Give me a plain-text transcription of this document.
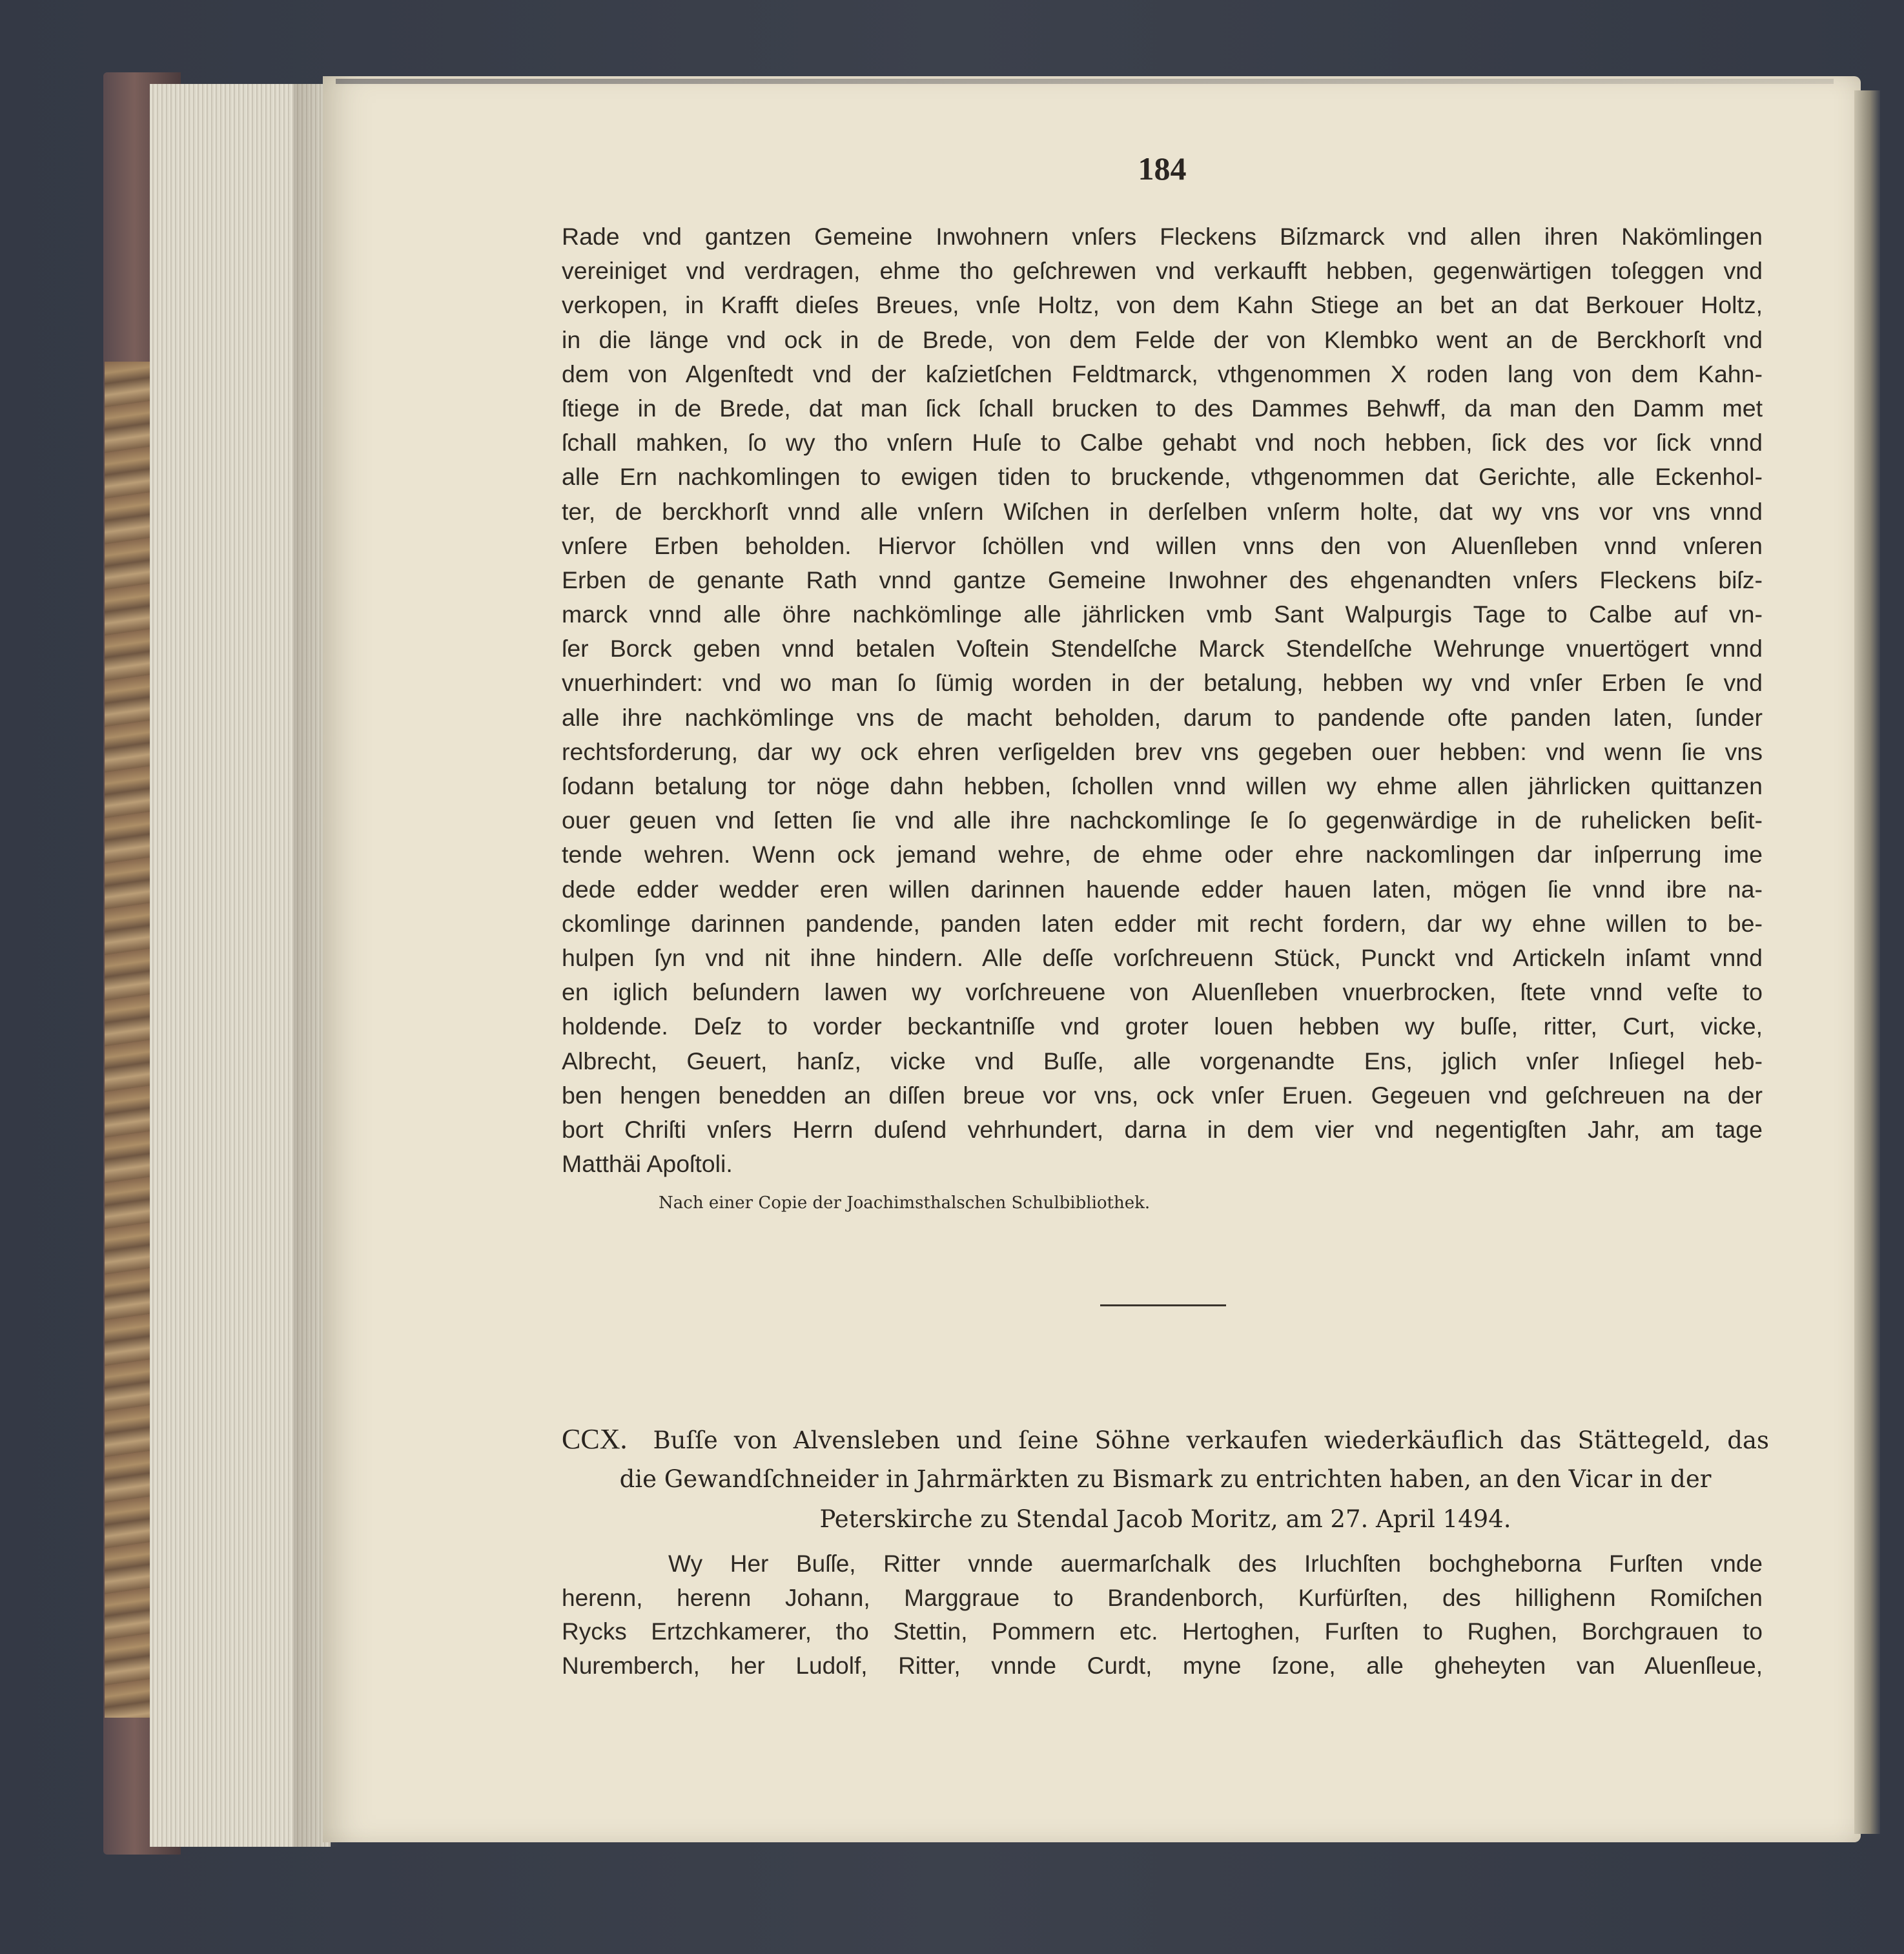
184
Rade vnd gantzen Gemeine Inwohnern vnſers Fleckens Biſzmarck vnd allen ihren Nakömlingen
vereiniget vnd verdragen, ehme tho geſchrewen vnd verkaufft hebben, gegenwärtigen toſeggen vnd
verkopen, in Krafft dieſes Breues, vnſe Holtz, von dem Kahn Stiege an bet an dat Berkouer Holtz,
in die länge vnd ock in de Brede, von dem Felde der von Klembko went an de Berckhorſt vnd
dem von Algenſtedt vnd der kaſzietſchen Feldtmarck, vthgenommen X roden lang von dem Kahn-
ſtiege in de Brede, dat man ſick ſchall brucken to des Dammes Behwff, da man den Damm met
ſchall mahken, ſo wy tho vnſern Huſe to Calbe gehabt vnd noch hebben, ſick des vor ſick vnnd
alle Ern nachkomlingen to ewigen tiden to bruckende, vthgenommen dat Gerichte, alle Eckenhol-
ter, de berckhorſt vnnd alle vnſern Wiſchen in derſelben vnſerm holte, dat wy vns vor vns vnnd
vnſere Erben beholden. Hiervor ſchöllen vnd willen vnns den von Aluenſleben vnnd vnſeren
Erben de genante Rath vnnd gantze Gemeine Inwohner des ehgenandten vnſers Fleckens biſz-
marck vnnd alle öhre nachkömlinge alle jährlicken vmb Sant Walpurgis Tage to Calbe auf vn-
ſer Borck geben vnnd betalen Voſtein Stendelſche Marck Stendelſche Wehrunge vnuertögert vnnd
vnuerhindert: vnd wo man ſo ſümig worden in der betalung, hebben wy vnd vnſer Erben ſe vnd
alle ihre nachkömlinge vns de macht beholden, darum to pandende ofte panden laten, ſunder
rechtsforderung, dar wy ock ehren verſigelden brev vns gegeben ouer hebben: vnd wenn ſie vns
ſodann betalung tor nöge dahn hebben, ſchollen vnnd willen wy ehme allen jährlicken quittanzen
ouer geuen vnd ſetten ſie vnd alle ihre nachckomlinge ſe ſo gegenwärdige in de ruhelicken beſit-
tende wehren. Wenn ock jemand wehre, de ehme oder ehre nackomlingen dar inſperrung ime
dede edder wedder eren willen darinnen hauende edder hauen laten, mögen ſie vnnd ibre na-
ckomlinge darinnen pandende, panden laten edder mit recht fordern, dar wy ehne willen to be-
hulpen ſyn vnd nit ihne hindern. Alle deſſe vorſchreuenn Stück, Punckt vnd Artickeln inſamt vnnd
en iglich beſundern lawen wy vorſchreuene von Aluenſleben vnuerbrocken, ſtete vnnd veſte to
holdende. Deſz to vorder beckantniſſe vnd groter louen hebben wy buſſe, ritter, Curt, vicke,
Albrecht, Geuert, hanſz, vicke vnd Buſſe, alle vorgenandte Ens, jglich vnſer Inſiegel heb-
ben hengen benedden an diſſen breue vor vns, ock vnſer Eruen. Gegeuen vnd geſchreuen na der
bort Chriſti vnſers Herrn duſend vehrhundert, darna in dem vier vnd negentigſten Jahr, am tage
Matthäi Apoſtoli.
Nach einer Copie der Joachimsthalschen Schulbibliothek.
CCX. Buſſe von Alvensleben und ſeine Söhne verkaufen wiederkäuflich das Stättegeld, das
die Gewandſchneider in Jahrmärkten zu Bismark zu entrichten haben, an den Vicar in der
Peterskirche zu Stendal Jacob Moritz, am 27. April 1494.
Wy Her Buſſe, Ritter vnnde auermarſchalk des Irluchſten bochgheborna Furſten vnde
herenn, herenn Johann, Marggraue to Brandenborch, Kurfürſten, des hillighenn Romiſchen
Rycks Ertzchkamerer, tho Stettin, Pommern etc. Hertoghen, Furſten to Rughen, Borchgrauen to
Nuremberch, her Ludolf, Ritter, vnnde Curdt, myne ſzone, alle gheheyten van Aluenſleue,
